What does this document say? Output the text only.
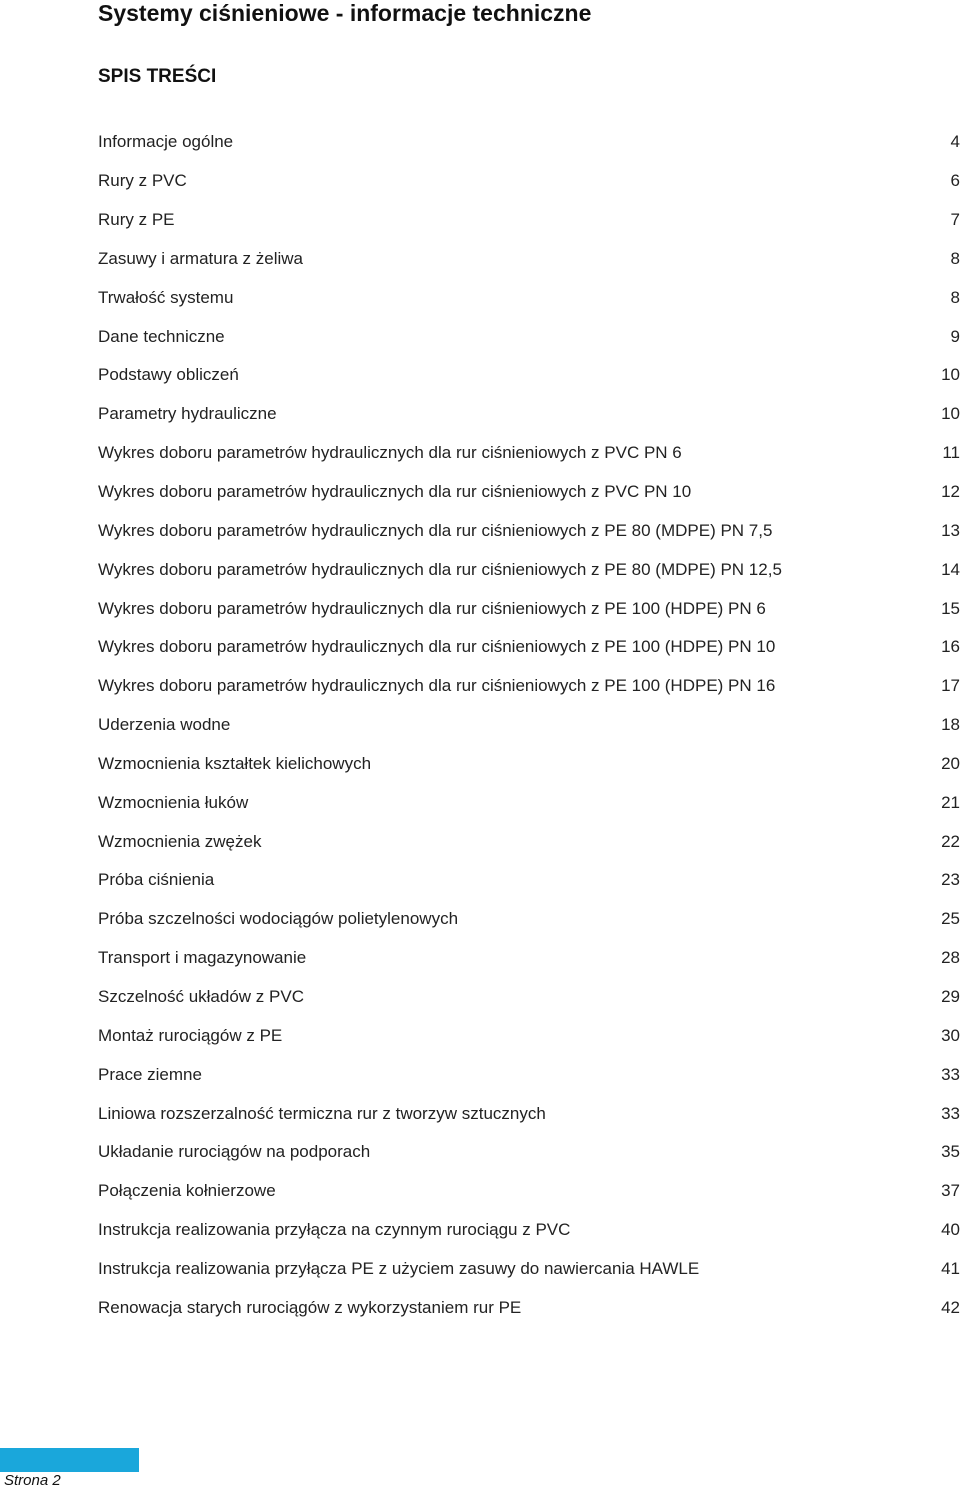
Systemy ciśnieniowe - informacje techniczne
SPIS TREŚCI
Informacje ogólne	4
Rury z PVC	6
Rury z PE	7
Zasuwy i armatura z żeliwa	8
Trwałość systemu	8
Dane techniczne	9
Podstawy obliczeń	10
Parametry hydrauliczne	10
Wykres doboru parametrów hydraulicznych dla rur ciśnieniowych z PVC PN 6	11
Wykres doboru parametrów hydraulicznych dla rur ciśnieniowych z PVC PN 10	12
Wykres doboru parametrów hydraulicznych dla rur ciśnieniowych z PE 80 (MDPE) PN 7,5	13
Wykres doboru parametrów hydraulicznych dla rur ciśnieniowych z PE 80 (MDPE) PN 12,5	14
Wykres doboru parametrów hydraulicznych dla rur ciśnieniowych z PE 100 (HDPE) PN 6	15
Wykres doboru parametrów hydraulicznych dla rur ciśnieniowych z PE 100 (HDPE) PN 10	16
Wykres doboru parametrów hydraulicznych dla rur ciśnieniowych z PE 100 (HDPE) PN 16	17
Uderzenia wodne	18
Wzmocnienia kształtek kielichowych	20
Wzmocnienia łuków	21
Wzmocnienia zwężek	22
Próba ciśnienia	23
Próba szczelności wodociągów polietylenowych	25
Transport i magazynowanie	28
Szczelność układów z PVC	29
Montaż rurociągów z PE	30
Prace ziemne	33
Liniowa rozszerzalność termiczna rur z tworzyw sztucznych	33
Układanie rurociągów na podporach	35
Połączenia kołnierzowe	37
Instrukcja realizowania przyłącza na czynnym rurociągu z PVC	40
Instrukcja realizowania przyłącza PE z użyciem zasuwy do nawiercania HAWLE	41
Renowacja starych rurociągów z wykorzystaniem rur PE	42
Strona 2
